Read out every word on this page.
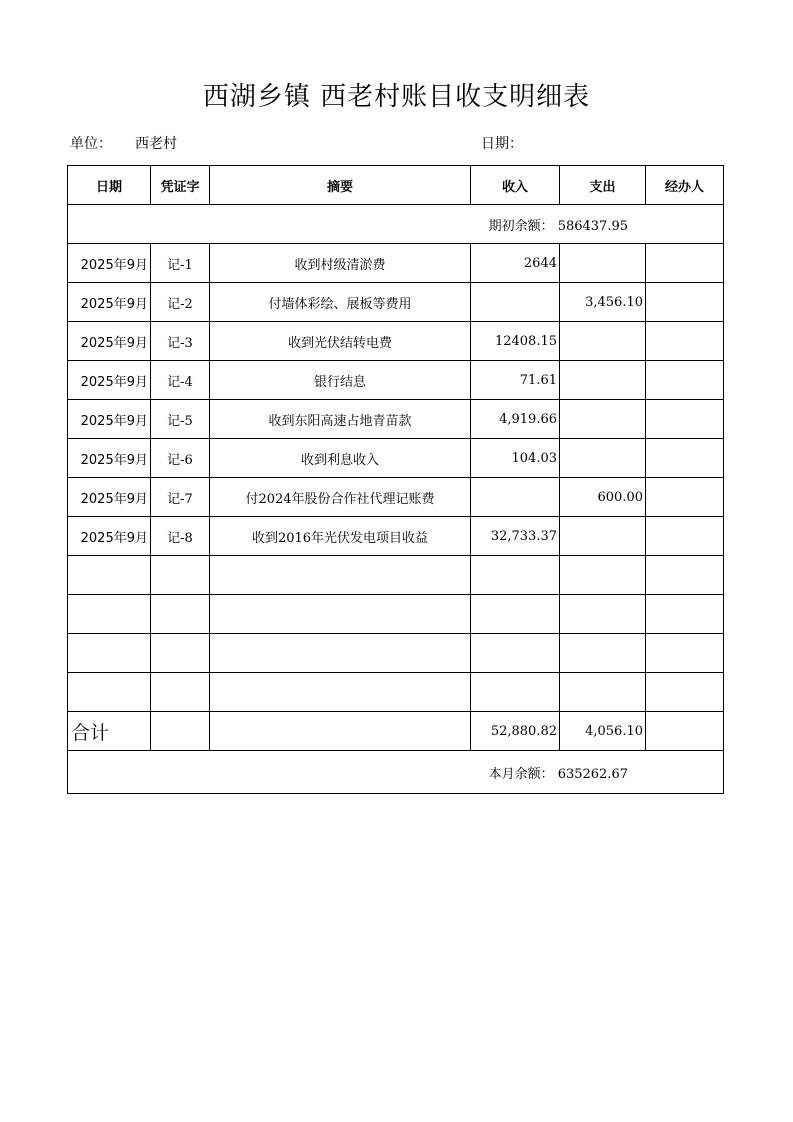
西湖乡镇 西老村账目收支明细表
单位： 西老村	日期：
日期	凭证字	摘要	收入	支出	经办人
期初余额： 586437.95					
2025年9月	记-1	收到村级清淤费	2644		
2025年9月	记-2	付墙体彩绘、展板等费用		3,456.10	
2025年9月	记-3	收到光伏结转电费	12408.15		
2025年9月	记-4	银行结息	71.61		
2025年9月	记-5	收到东阳高速占地青苗款	4,919.66		
2025年9月	记-6	收到利息收入	104.03		
2025年9月	记-7	付2024年股份合作社代理记账费		600.00	
2025年9月	记-8	收到2016年光伏发电项目收益	32,733.37		

合计			52,880.82	4,056.10	
本月余额： 635262.67					
